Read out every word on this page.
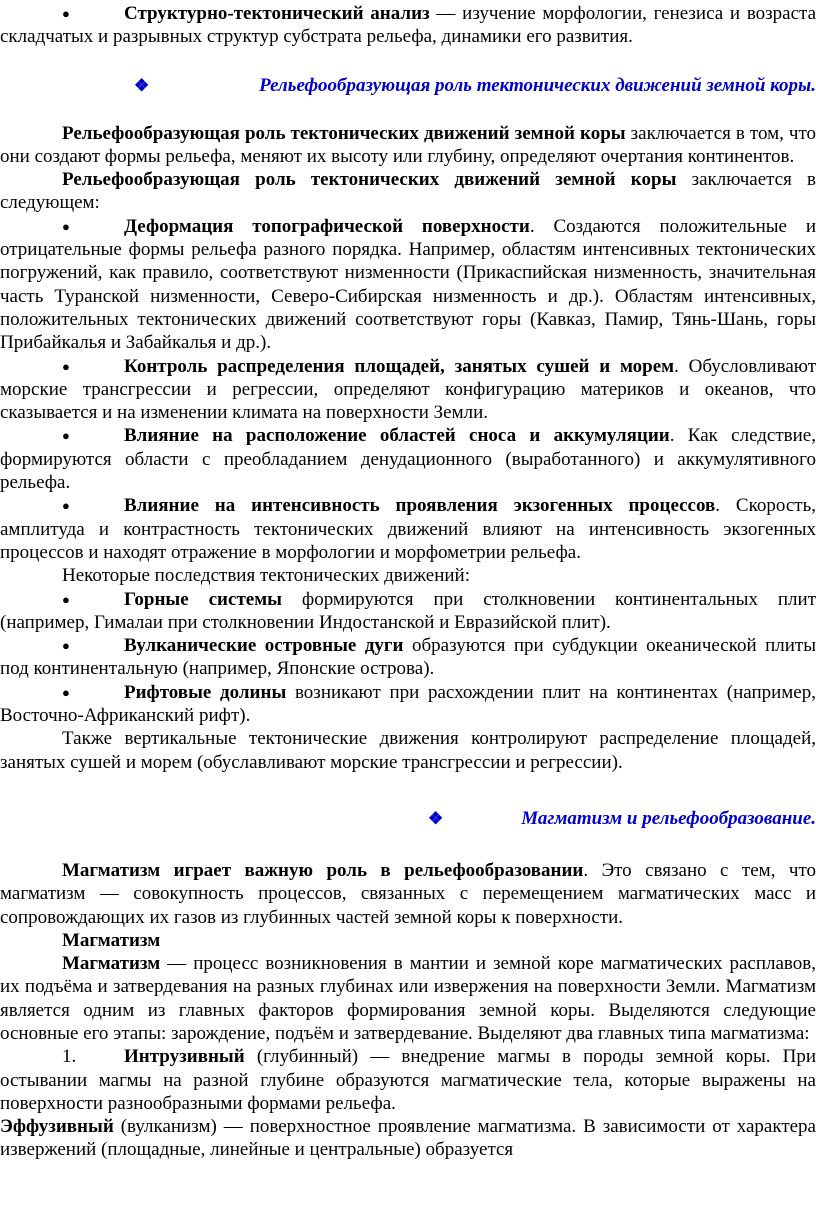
●	Структурно-тектонический анализ — изучение морфологии, генезиса и возраста складчатых и разрывных структур субстрата рельефа, динамики его развития.

❖	Рельефообразующая роль тектонических движений земной коры.

Рельефообразующая роль тектонических движений земной коры заключается в том, что они создают формы рельефа, меняют их высоту или глубину, определяют очертания континентов.

Рельефообразующая роль тектонических движений земной коры заключается в следующем:

●	Деформация топографической поверхности. Создаются положительные и отрицательные формы рельефа разного порядка. Например, областям интенсивных тектонических погружений, как правило, соответствуют низменности (Прикаспийская низменность, значительная часть Туранской низменности, Северо-Сибирская низменность и др.). Областям интенсивных, положительных тектонических движений соответствуют горы (Кавказ, Памир, Тянь-Шань, горы Прибайкалья и Забайкалья и др.).

●	Контроль распределения площадей, занятых сушей и морем. Обусловливают морские трансгрессии и регрессии, определяют конфигурацию материков и океанов, что сказывается и на изменении климата на поверхности Земли.

●	Влияние на расположение областей сноса и аккумуляции. Как следствие, формируются области с преобладанием денудационного (выработанного) и аккумулятивного рельефа.

●	Влияние на интенсивность проявления экзогенных процессов. Скорость, амплитуда и контрастность тектонических движений влияют на интенсивность экзогенных процессов и находят отражение в морфологии и морфометрии рельефа.

Некоторые последствия тектонических движений:

●	Горные системы формируются при столкновении континентальных плит (например, Гималаи при столкновении Индостанской и Евразийской плит).

●	Вулканические островные дуги образуются при субдукции океанической плиты под континентальную (например, Японские острова).

●	Рифтовые долины возникают при расхождении плит на континентах (например, Восточно-Африканский рифт).

Также вертикальные тектонические движения контролируют распределение площадей, занятых сушей и морем (обуславливают морские трансгрессии и регрессии).

❖	Магматизм и рельефообразование.

Магматизм играет важную роль в рельефообразовании. Это связано с тем, что магматизм — совокупность процессов, связанных с перемещением магматических масс и сопровождающих их газов из глубинных частей земной коры к поверхности.

Магматизм

Магматизм — процесс возникновения в мантии и земной коре магматических расплавов, их подъёма и затвердевания на разных глубинах или извержения на поверхности Земли. Магматизм является одним из главных факторов формирования земной коры. Выделяются следующие основные его этапы: зарождение, подъём и затвердевание. Выделяют два главных типа магматизма:

1.	Интрузивный (глубинный) — внедрение магмы в породы земной коры. При остывании магмы на разной глубине образуются магматические тела, которые выражены на поверхности разнообразными формами рельефа.

Эффузивный (вулканизм) — поверхностное проявление магматизма. В зависимости от характера извержений (площадные, линейные и центральные) образуется
